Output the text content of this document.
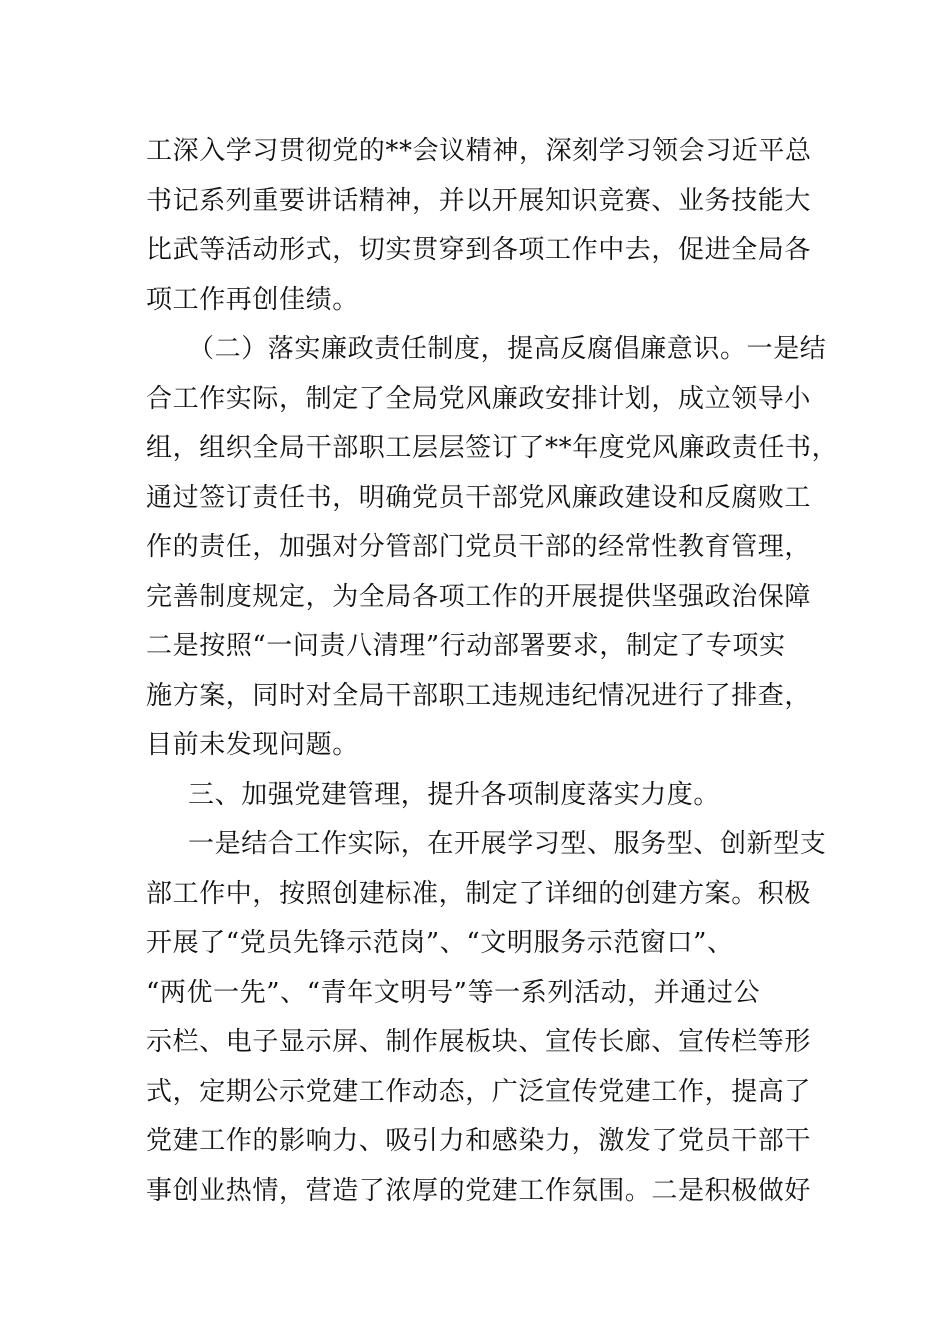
工深入学习贯彻党的**会议精神，深刻学习领会习近平总
书记系列重要讲话精神，并以开展知识竞赛、业务技能大
比武等活动形式，切实贯穿到各项工作中去，促进全局各
项工作再创佳绩。
（二）落实廉政责任制度，提高反腐倡廉意识。一是结
合工作实际，制定了全局党风廉政安排计划，成立领导小
组，组织全局干部职工层层签订了**年度党风廉政责任书，
通过签订责任书，明确党员干部党风廉政建设和反腐败工
作的责任，加强对分管部门党员干部的经常性教育管理，
完善制度规定，为全局各项工作的开展提供坚强政治保障
二是按照“一问责八清理”行动部署要求，制定了专项实
施方案，同时对全局干部职工违规违纪情况进行了排查，
目前未发现问题。
三、加强党建管理，提升各项制度落实力度。
一是结合工作实际，在开展学习型、服务型、创新型支
部工作中，按照创建标准，制定了详细的创建方案。积极
开展了“党员先锋示范岗”、“文明服务示范窗口”、
“两优一先”、“青年文明号”等一系列活动，并通过公
示栏、电子显示屏、制作展板块、宣传长廊、宣传栏等形
式，定期公示党建工作动态，广泛宣传党建工作，提高了
党建工作的影响力、吸引力和感染力，激发了党员干部干
事创业热情，营造了浓厚的党建工作氛围。二是积极做好
